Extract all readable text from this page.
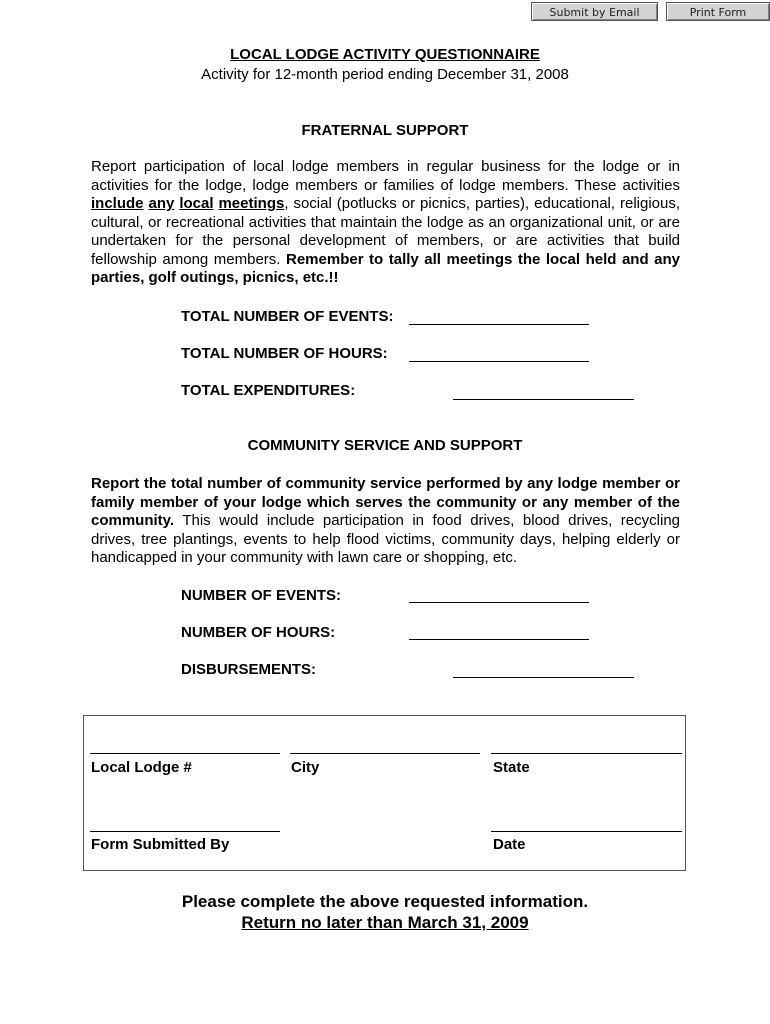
Submit by Email	Print Form
LOCAL LODGE ACTIVITY QUESTIONNAIRE
Activity for 12-month period ending December 31, 2008
FRATERNAL SUPPORT

Report participation of local lodge members in regular business for the lodge or in activities for the lodge, lodge members or families of lodge members. These activities include any local meetings, social (potlucks or picnics, parties), educational, religious, cultural, or recreational activities that maintain the lodge as an organizational unit, or are undertaken for the personal development of members, or are activities that build fellowship among members. Remember to tally all meetings the local held and any parties, golf outings, picnics, etc.!!

TOTAL NUMBER OF EVENTS:
TOTAL NUMBER OF HOURS:
TOTAL EXPENDITURES:
COMMUNITY SERVICE AND SUPPORT

Report the total number of community service performed by any lodge member or family member of your lodge which serves the community or any member of the community. This would include participation in food drives, blood drives, recycling drives, tree plantings, events to help flood victims, community days, helping elderly or handicapped in your community with lawn care or shopping, etc.

NUMBER OF EVENTS:
NUMBER OF HOURS:
DISBURSEMENTS:
Local Lodge #	City	State
Form Submitted By	Date
Please complete the above requested information.
Return no later than March 31, 2009
